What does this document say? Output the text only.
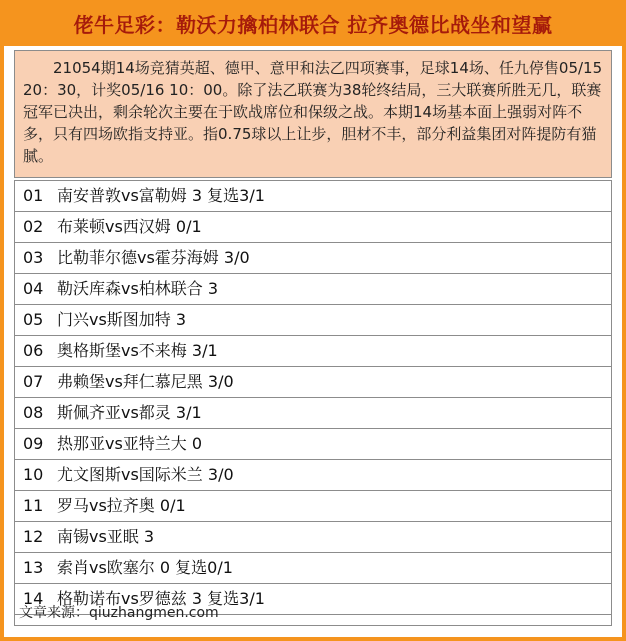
佬牛足彩：勒沃力擒柏林联合 拉齐奥德比战坐和望赢
21054期14场竞猜英超、德甲、意甲和法乙四项赛事，足球14场、任九停售05/15 20：30，计奖05/16 10：00。除了法乙联赛为38轮终结局，三大联赛所胜无几，联赛冠军已决出，剩余轮次主要在于欧战席位和保级之战。本期14场基本面上强弱对阵不多，只有四场欧指支持亚。指0.75球以上让步，胆材不丰，部分利益集团对阵提防有猫腻。
01 南安普敦vs富勒姆 3 复选3/1
02 布莱顿vs西汉姆 0/1
03 比勒菲尔德vs霍芬海姆 3/0
04 勒沃库森vs柏林联合 3
05 门兴vs斯图加特 3
06 奥格斯堡vs不来梅 3/1
07 弗赖堡vs拜仁慕尼黑 3/0
08 斯佩齐亚vs都灵 3/1
09 热那亚vs亚特兰大 0
10 尤文图斯vs国际米兰 3/0
11 罗马vs拉齐奥 0/1
12 南锡vs亚眠 3
13 索肖vs欧塞尔 0 复选0/1
14 格勒诺布vs罗德兹 3 复选3/1
文章来源：qiuzhangmen.com
